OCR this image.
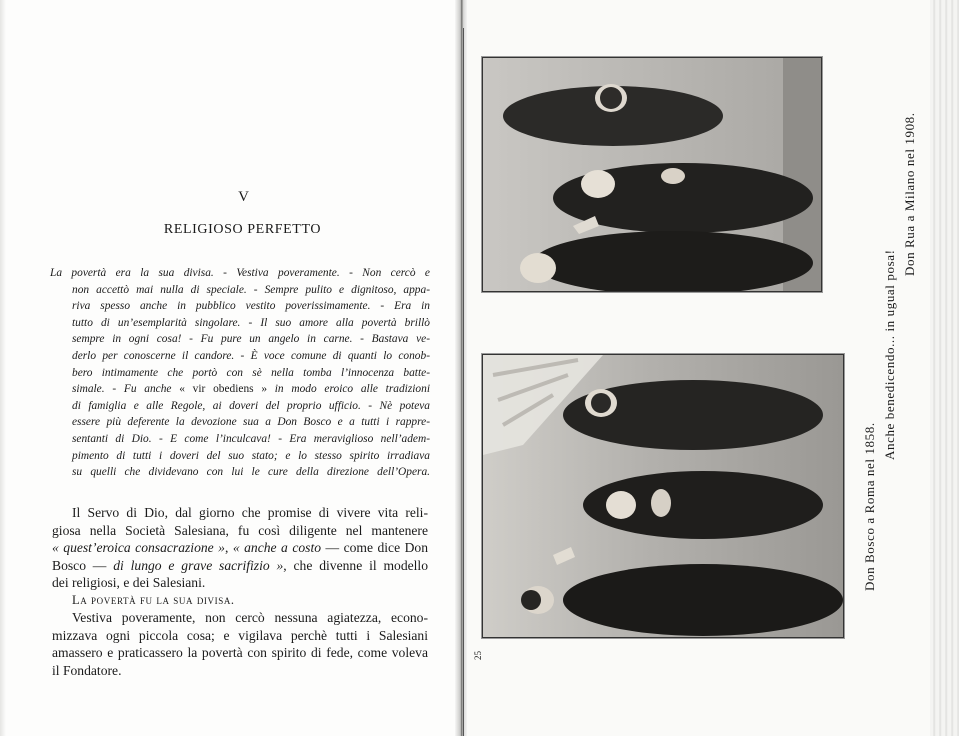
V
RELIGIOSO PERFETTO
La povertà era la sua divisa. - Vestiva poveramente. - Non cercò e
non accettò mai nulla di speciale. - Sempre pulito e dignitoso, appa-
riva spesso anche in pubblico vestito poverissimamente. - Era in
tutto di un’esemplarità singolare. - Il suo amore alla povertà brillò
sempre in ogni cosa! - Fu pure un angelo in carne. - Bastava ve-
derlo per conoscerne il candore. - È voce comune di quanti lo conob-
bero intimamente che portò con sè nella tomba l’innocenza batte-
simale. - Fu anche « vir obediens » in modo eroico alle tradizioni
di famiglia e alle Regole, ai doveri del proprio ufficio. - Nè poteva
essere più deferente la devozione sua a Don Bosco e a tutti i rappre-
sentanti di Dio. - E come l’inculcava! - Era meraviglioso nell’adem-
pimento di tutti i doveri del suo stato; e lo stesso spirito irradiava
su quelli che dividevano con lui le cure della direzione dell’Opera.
Il Servo di Dio, dal giorno che promise di vivere vita reli-
giosa nella Società Salesiana, fu così diligente nel mantenere
« quest’eroica consacrazione », « anche a costo — come dice Don
Bosco — di lungo e grave sacrifizio », che divenne il modello
dei religiosi, e dei Salesiani.
La povertà fu la sua divisa.
Vestiva poveramente, non cercò nessuna agiatezza, econo-
mizzava ogni piccola cosa; e vigilava perchè tutti i Salesiani
amassero e praticassero la povertà con spirito di fede, come voleva
il Fondatore.
Don Bosco a Roma nel 1858.
Anche benedicendo... in ugual posa!
Don Rua a Milano nel 1908.
25
